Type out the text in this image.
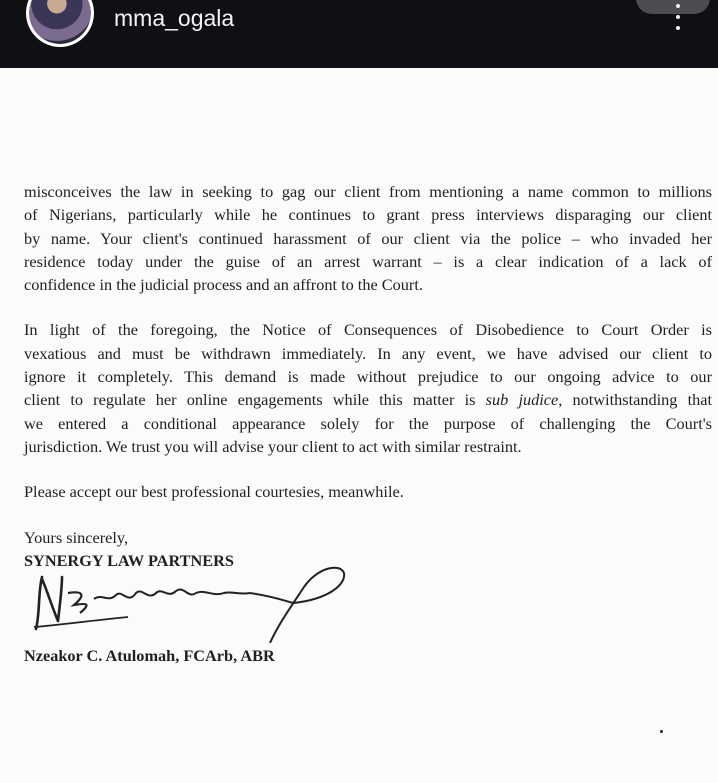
mma_ogala

misconceives the law in seeking to gag our client from mentioning a name common to millions
of Nigerians, particularly while he continues to grant press interviews disparaging our client
by name. Your client's continued harassment of our client via the police – who invaded her
residence today under the guise of an arrest warrant – is a clear indication of a lack of
confidence in the judicial process and an affront to the Court.

In light of the foregoing, the Notice of Consequences of Disobedience to Court Order is
vexatious and must be withdrawn immediately. In any event, we have advised our client to
ignore it completely. This demand is made without prejudice to our ongoing advice to our
client to regulate her online engagements while this matter is sub judice, notwithstanding that
we entered a conditional appearance solely for the purpose of challenging the Court's
jurisdiction. We trust you will advise your client to act with similar restraint.

Please accept our best professional courtesies, meanwhile.

Yours sincerely,

SYNERGY LAW PARTNERS

Nzeakor C. Atulomah, FCArb, ABR
